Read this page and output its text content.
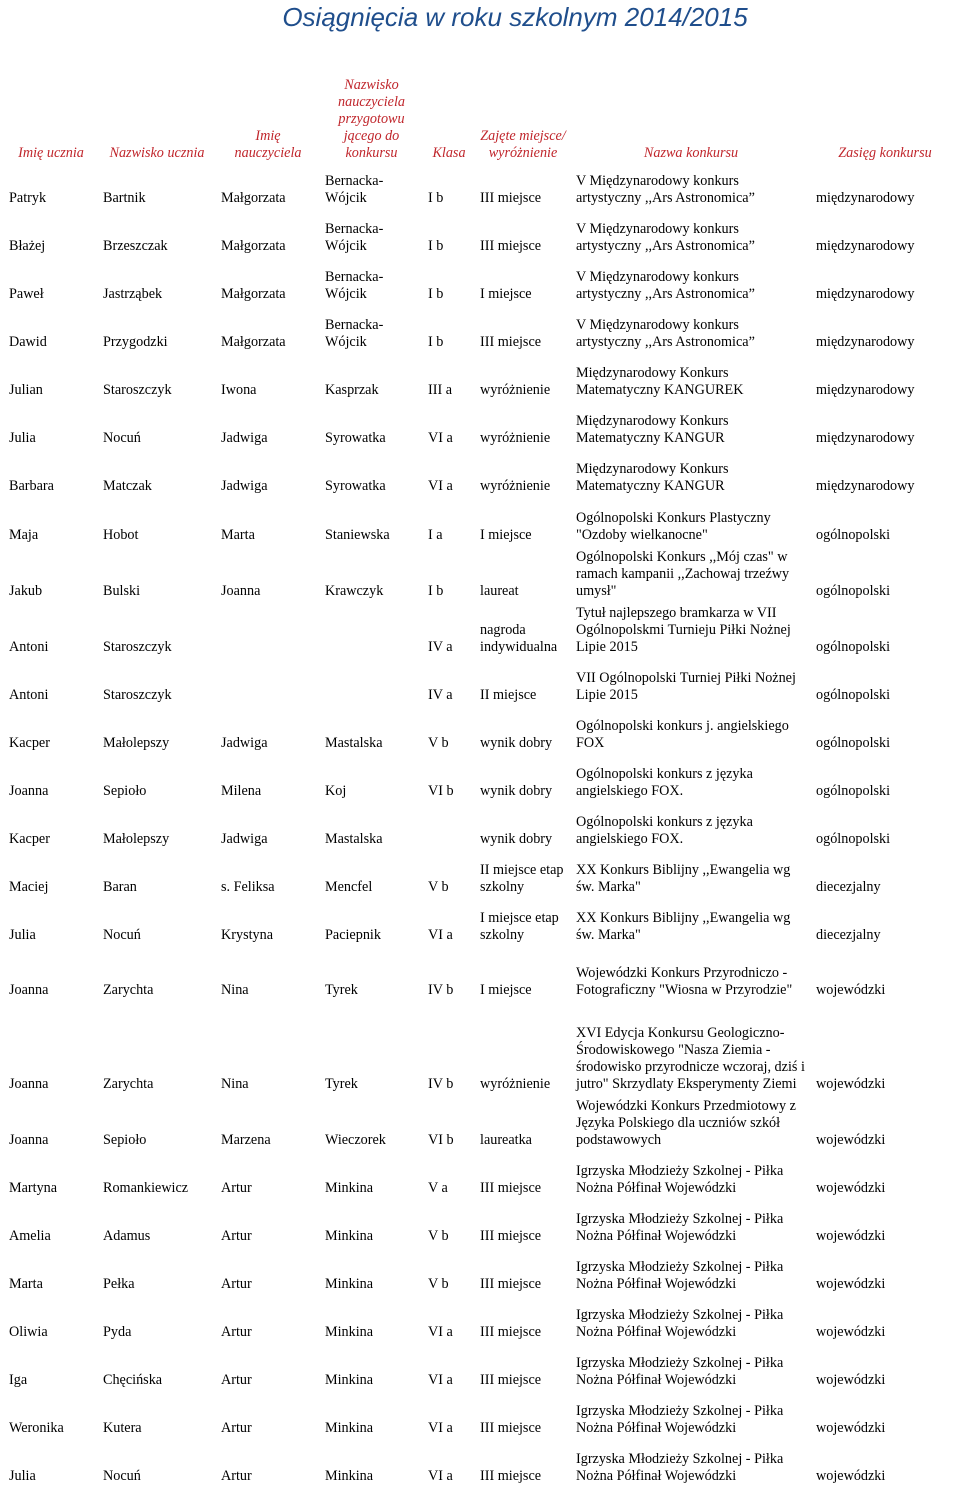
Osiągnięcia w roku szkolnym 2014/2015
Imię ucznia	Nazwisko ucznia	Imię nauczyciela	Nazwisko nauczyciela przygotowu jącego do konkursu	Klasa	Zajęte miejsce/ wyróżnienie	Nazwa konkursu	Zasięg konkursu
Patryk	Bartnik	Małgorzata	Bernacka-Wójcik	I b	III miejsce	V Międzynarodowy konkurs artystyczny ,,Ars Astronomica”	międzynarodowy
Błażej	Brzeszczak	Małgorzata	Bernacka-Wójcik	I b	III miejsce	V Międzynarodowy konkurs artystyczny ,,Ars Astronomica”	międzynarodowy
Paweł	Jastrząbek	Małgorzata	Bernacka-Wójcik	I b	I miejsce	V Międzynarodowy konkurs artystyczny ,,Ars Astronomica”	międzynarodowy
Dawid	Przygodzki	Małgorzata	Bernacka-Wójcik	I b	III miejsce	V Międzynarodowy konkurs artystyczny ,,Ars Astronomica”	międzynarodowy
Julian	Staroszczyk	Iwona	Kasprzak	III a	wyróżnienie	Międzynarodowy Konkurs Matematyczny KANGUREK	międzynarodowy
Julia	Nocuń	Jadwiga	Syrowatka	VI a	wyróżnienie	Międzynarodowy Konkurs Matematyczny KANGUR	międzynarodowy
Barbara	Matczak	Jadwiga	Syrowatka	VI a	wyróżnienie	Międzynarodowy Konkurs Matematyczny KANGUR	międzynarodowy
Maja	Hobot	Marta	Staniewska	I a	I miejsce	Ogólnopolski Konkurs Plastyczny "Ozdoby wielkanocne"	ogólnopolski
Jakub	Bulski	Joanna	Krawczyk	I b	laureat	Ogólnopolski Konkurs ,,Mój czas" w ramach kampanii ,,Zachowaj trzeźwy umysł"	ogólnopolski
Antoni	Staroszczyk			IV a	nagroda indywidualna	Tytuł najlepszego bramkarza w VII Ogólnopolskmi Turnieju Piłki Nożnej Lipie 2015	ogólnopolski
Antoni	Staroszczyk			IV a	II miejsce	VII Ogólnopolski Turniej Piłki Nożnej Lipie 2015	ogólnopolski
Kacper	Małolepszy	Jadwiga	Mastalska	V b	wynik dobry	Ogólnopolski konkurs j. angielskiego FOX	ogólnopolski
Joanna	Sepioło	Milena	Koj	VI b	wynik dobry	Ogólnopolski konkurs z języka angielskiego FOX.	ogólnopolski
Kacper	Małolepszy	Jadwiga	Mastalska		wynik dobry	Ogólnopolski konkurs z języka angielskiego FOX.	ogólnopolski
Maciej	Baran	s. Feliksa	Mencfel	V b	II miejsce etap szkolny	XX Konkurs Biblijny ,,Ewangelia wg św. Marka"	diecezjalny
Julia	Nocuń	Krystyna	Paciepnik	VI a	I miejsce etap szkolny	XX Konkurs Biblijny ,,Ewangelia wg św. Marka"	diecezjalny
Joanna	Zarychta	Nina	Tyrek	IV b	I miejsce	Wojewódzki Konkurs Przyrodniczo - Fotograficzny "Wiosna w Przyrodzie"	wojewódzki
Joanna	Zarychta	Nina	Tyrek	IV b	wyróżnienie	XVI Edycja Konkursu Geologiczno-Środowiskowego "Nasza Ziemia - środowisko przyrodnicze wczoraj, dziś i jutro" Skrzydlaty Eksperymenty Ziemi	wojewódzki
Joanna	Sepioło	Marzena	Wieczorek	VI b	laureatka	Wojewódzki Konkurs Przedmiotowy z Języka Polskiego dla uczniów szkół podstawowych	wojewódzki
Martyna	Romankiewicz	Artur	Minkina	V a	III miejsce	Igrzyska Młodzieży Szkolnej - Piłka Nożna Półfinał Wojewódzki	wojewódzki
Amelia	Adamus	Artur	Minkina	V b	III miejsce	Igrzyska Młodzieży Szkolnej - Piłka Nożna Półfinał Wojewódzki	wojewódzki
Marta	Pełka	Artur	Minkina	V b	III miejsce	Igrzyska Młodzieży Szkolnej - Piłka Nożna Półfinał Wojewódzki	wojewódzki
Oliwia	Pyda	Artur	Minkina	VI a	III miejsce	Igrzyska Młodzieży Szkolnej - Piłka Nożna Półfinał Wojewódzki	wojewódzki
Iga	Chęcińska	Artur	Minkina	VI a	III miejsce	Igrzyska Młodzieży Szkolnej - Piłka Nożna Półfinał Wojewódzki	wojewódzki
Weronika	Kutera	Artur	Minkina	VI a	III miejsce	Igrzyska Młodzieży Szkolnej - Piłka Nożna Półfinał Wojewódzki	wojewódzki
Julia	Nocuń	Artur	Minkina	VI a	III miejsce	Igrzyska Młodzieży Szkolnej - Piłka Nożna Półfinał Wojewódzki	wojewódzki
